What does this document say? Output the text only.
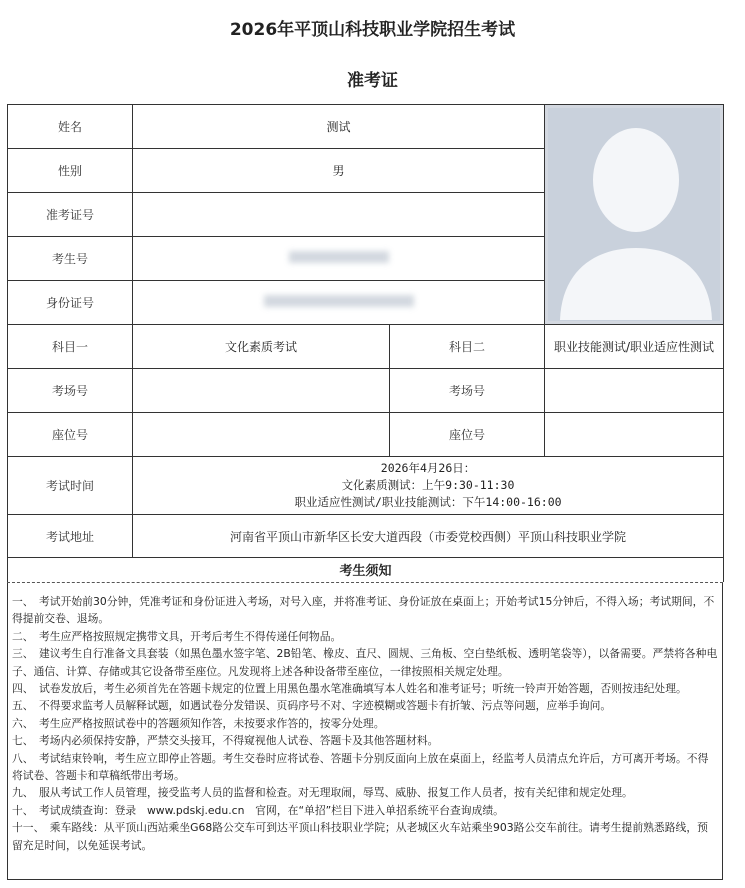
2026年平顶山科技职业学院招生考试
准考证
姓名	测试	

性别	男		
准考证号			
考生号			
身份证号			
科目一	文化素质考试	科目二	职业技能测试/职业适应性测试
考场号		考场号	
座位号		座位号	
考试时间	2026年4月26日：
文化素质测试：上午9:30-11:30
职业适应性测试/职业技能测试：下午14:00-16:00		

考试地址	河南省平顶山市新华区长安大道西段（市委党校西侧）平顶山科技职业学院		
考生须知			

一、　考试开始前30分钟，凭准考证和身份证进入考场，对号入座，并将准考证、身份证放在桌面上；开始考试15分钟后，不得入场；考试期间，不得提前交卷、退场。

二、　考生应严格按照规定携带文具，开考后考生不得传递任何物品。

三、　建议考生自行准备文具套装（如黑色墨水签字笔、2B铅笔、橡皮、直尺、圆规、三角板、空白垫纸板、透明笔袋等），以备需要。严禁将各种电子、通信、计算、存储或其它设备带至座位。凡发现将上述各种设备带至座位，一律按照相关规定处理。

四、　试卷发放后，考生必须首先在答题卡规定的位置上用黑色墨水笔准确填写本人姓名和准考证号；听统一铃声开始答题，否则按违纪处理。

五、　不得要求监考人员解释试题，如遇试卷分发错误、页码序号不对、字迹模糊或答题卡有折皱、污点等问题，应举手询问。

六、　考生应严格按照试卷中的答题须知作答，未按要求作答的，按零分处理。

七、　考场内必须保持安静，严禁交头接耳，不得窥视他人试卷、答题卡及其他答题材料。

八、　考试结束铃响，考生应立即停止答题。考生交卷时应将试卷、答题卡分别反面向上放在桌面上，经监考人员清点允许后，方可离开考场。不得将试卷、答题卡和草稿纸带出考场。

九、　服从考试工作人员管理，接受监考人员的监督和检查。对无理取闹，辱骂、威胁、报复工作人员者，按有关纪律和规定处理。

十、　考试成绩查询：登录　www.pdskj.edu.cn　官网，在“单招”栏目下进入单招系统平台查询成绩。

十一、　乘车路线：从平顶山西站乘坐G68路公交车可到达平顶山科技职业学院；从老城区火车站乘坐903路公交车前往。请考生提前熟悉路线，预留充足时间，以免延误考试。
